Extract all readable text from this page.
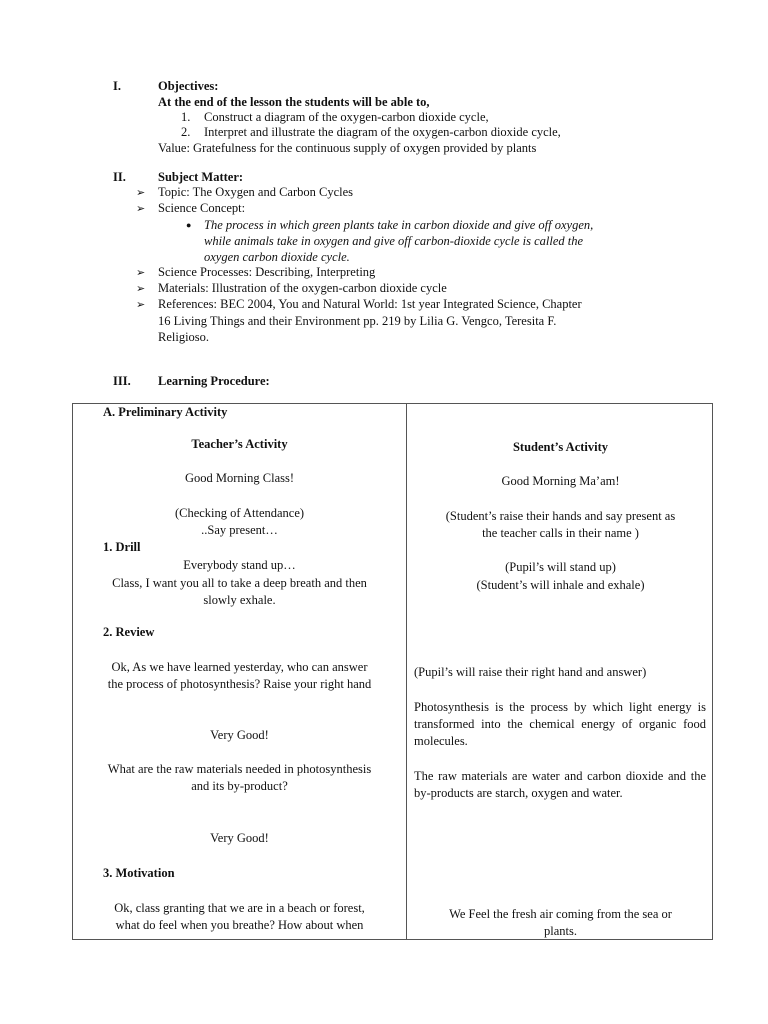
I.	Objectives:
At the end of the lesson the students will be able to,
1. Construct a diagram of the oxygen-carbon dioxide cycle,
2. Interpret and illustrate the diagram of the oxygen-carbon dioxide cycle,
Value: Gratefulness for the continuous supply of oxygen provided by plants
II.	Subject Matter:
➢ Topic: The Oxygen and Carbon Cycles
➢ Science Concept:
● The process in which green plants take in carbon dioxide and give off oxygen,
while animals take in oxygen and give off carbon-dioxide cycle is called the
oxygen carbon dioxide cycle.
➢ Science Processes: Describing, Interpreting
➢ Materials: Illustration of the oxygen-carbon dioxide cycle
➢ References: BEC 2004, You and Natural World: 1st year Integrated Science, Chapter
16 Living Things and their Environment pp. 219 by Lilia G. Vengco, Teresita F.
Religioso.
III. Learning Procedure:
A. Preliminary Activity
Teacher’s Activity
Good Morning Class!
(Checking of Attendance)
..Say present…
1. Drill
Everybody stand up…
Class, I want you all to take a deep breath and then
slowly exhale.
2. Review
Ok, As we have learned yesterday, who can answer
the process of photosynthesis? Raise your right hand
Very Good!
What are the raw materials needed in photosynthesis
and its by-product?
Very Good!
3. Motivation
Ok, class granting that we are in a beach or forest,
what do feel when you breathe? How about when
Student’s Activity
Good Morning Ma’am!
(Student’s raise their hands and say present as
the teacher calls in their name )
(Pupil’s will stand up)
(Student’s will inhale and exhale)
(Pupil’s will raise their right hand and answer)
Photosynthesis is the process by which light energy is transformed into the chemical energy of organic food molecules.
The raw materials are water and carbon dioxide and the by-products are starch, oxygen and water.
We Feel the fresh air coming from the sea or
plants.
